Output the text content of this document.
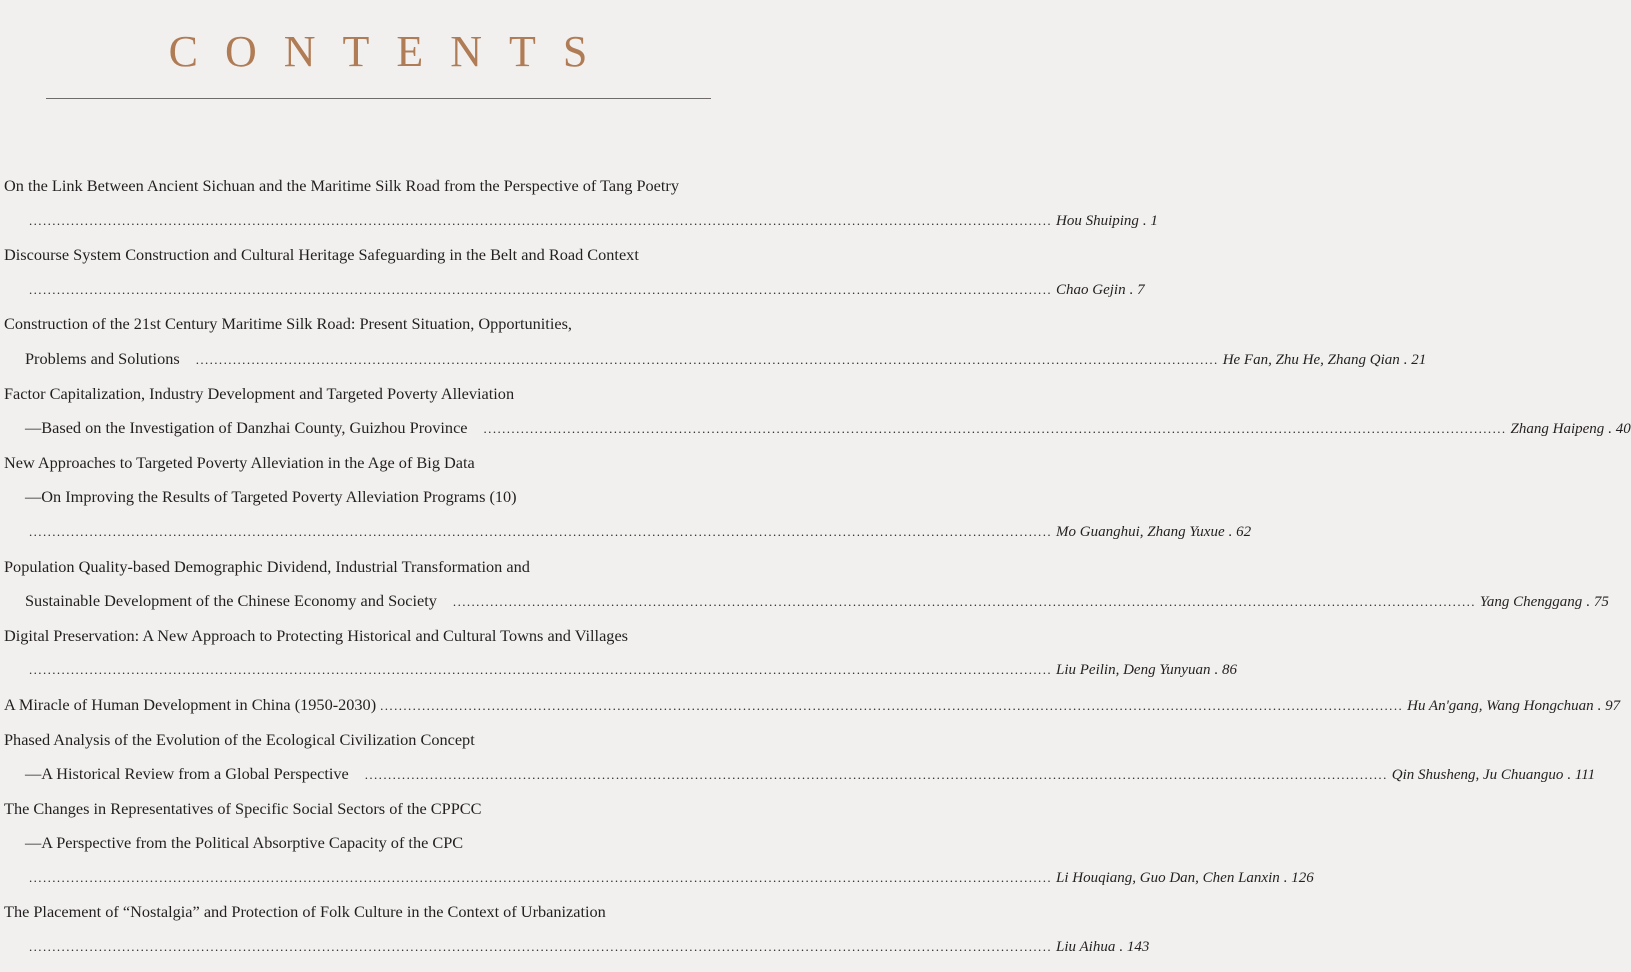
CONTENTS
On the Link Between Ancient Sichuan and the Maritime Silk Road from the Perspective of Tang Poetry
............................................................................................................................................................................................................................ Hou Shuiping . 1
Discourse System Construction and Cultural Heritage Safeguarding in the Belt and Road Context
............................................................................................................................................................................................................................ Chao Gejin . 7
Construction of the 21st Century Maritime Silk Road: Present Situation, Opportunities,
Problems and Solutions ............................................................................................................................................................................................................................ He Fan, Zhu He, Zhang Qian . 21
Factor Capitalization, Industry Development and Targeted Poverty Alleviation
—Based on the Investigation of Danzhai County, Guizhou Province ............................................................................................................................................................................................................................ Zhang Haipeng . 40
New Approaches to Targeted Poverty Alleviation in the Age of Big Data
—On Improving the Results of Targeted Poverty Alleviation Programs (10)
............................................................................................................................................................................................................................ Mo Guanghui, Zhang Yuxue . 62
Population Quality-based Demographic Dividend, Industrial Transformation and
Sustainable Development of the Chinese Economy and Society ............................................................................................................................................................................................................................ Yang Chenggang . 75
Digital Preservation: A New Approach to Protecting Historical and Cultural Towns and Villages
............................................................................................................................................................................................................................ Liu Peilin, Deng Yunyuan . 86
A Miracle of Human Development in China (1950-2030) ............................................................................................................................................................................................................................ Hu An'gang, Wang Hongchuan . 97
Phased Analysis of the Evolution of the Ecological Civilization Concept
—A Historical Review from a Global Perspective ............................................................................................................................................................................................................................ Qin Shusheng, Ju Chuanguo . 111
The Changes in Representatives of Specific Social Sectors of the CPPCC
—A Perspective from the Political Absorptive Capacity of the CPC
............................................................................................................................................................................................................................ Li Houqiang, Guo Dan, Chen Lanxin . 126
The Placement of “Nostalgia” and Protection of Folk Culture in the Context of Urbanization
............................................................................................................................................................................................................................ Liu Aihua . 143
